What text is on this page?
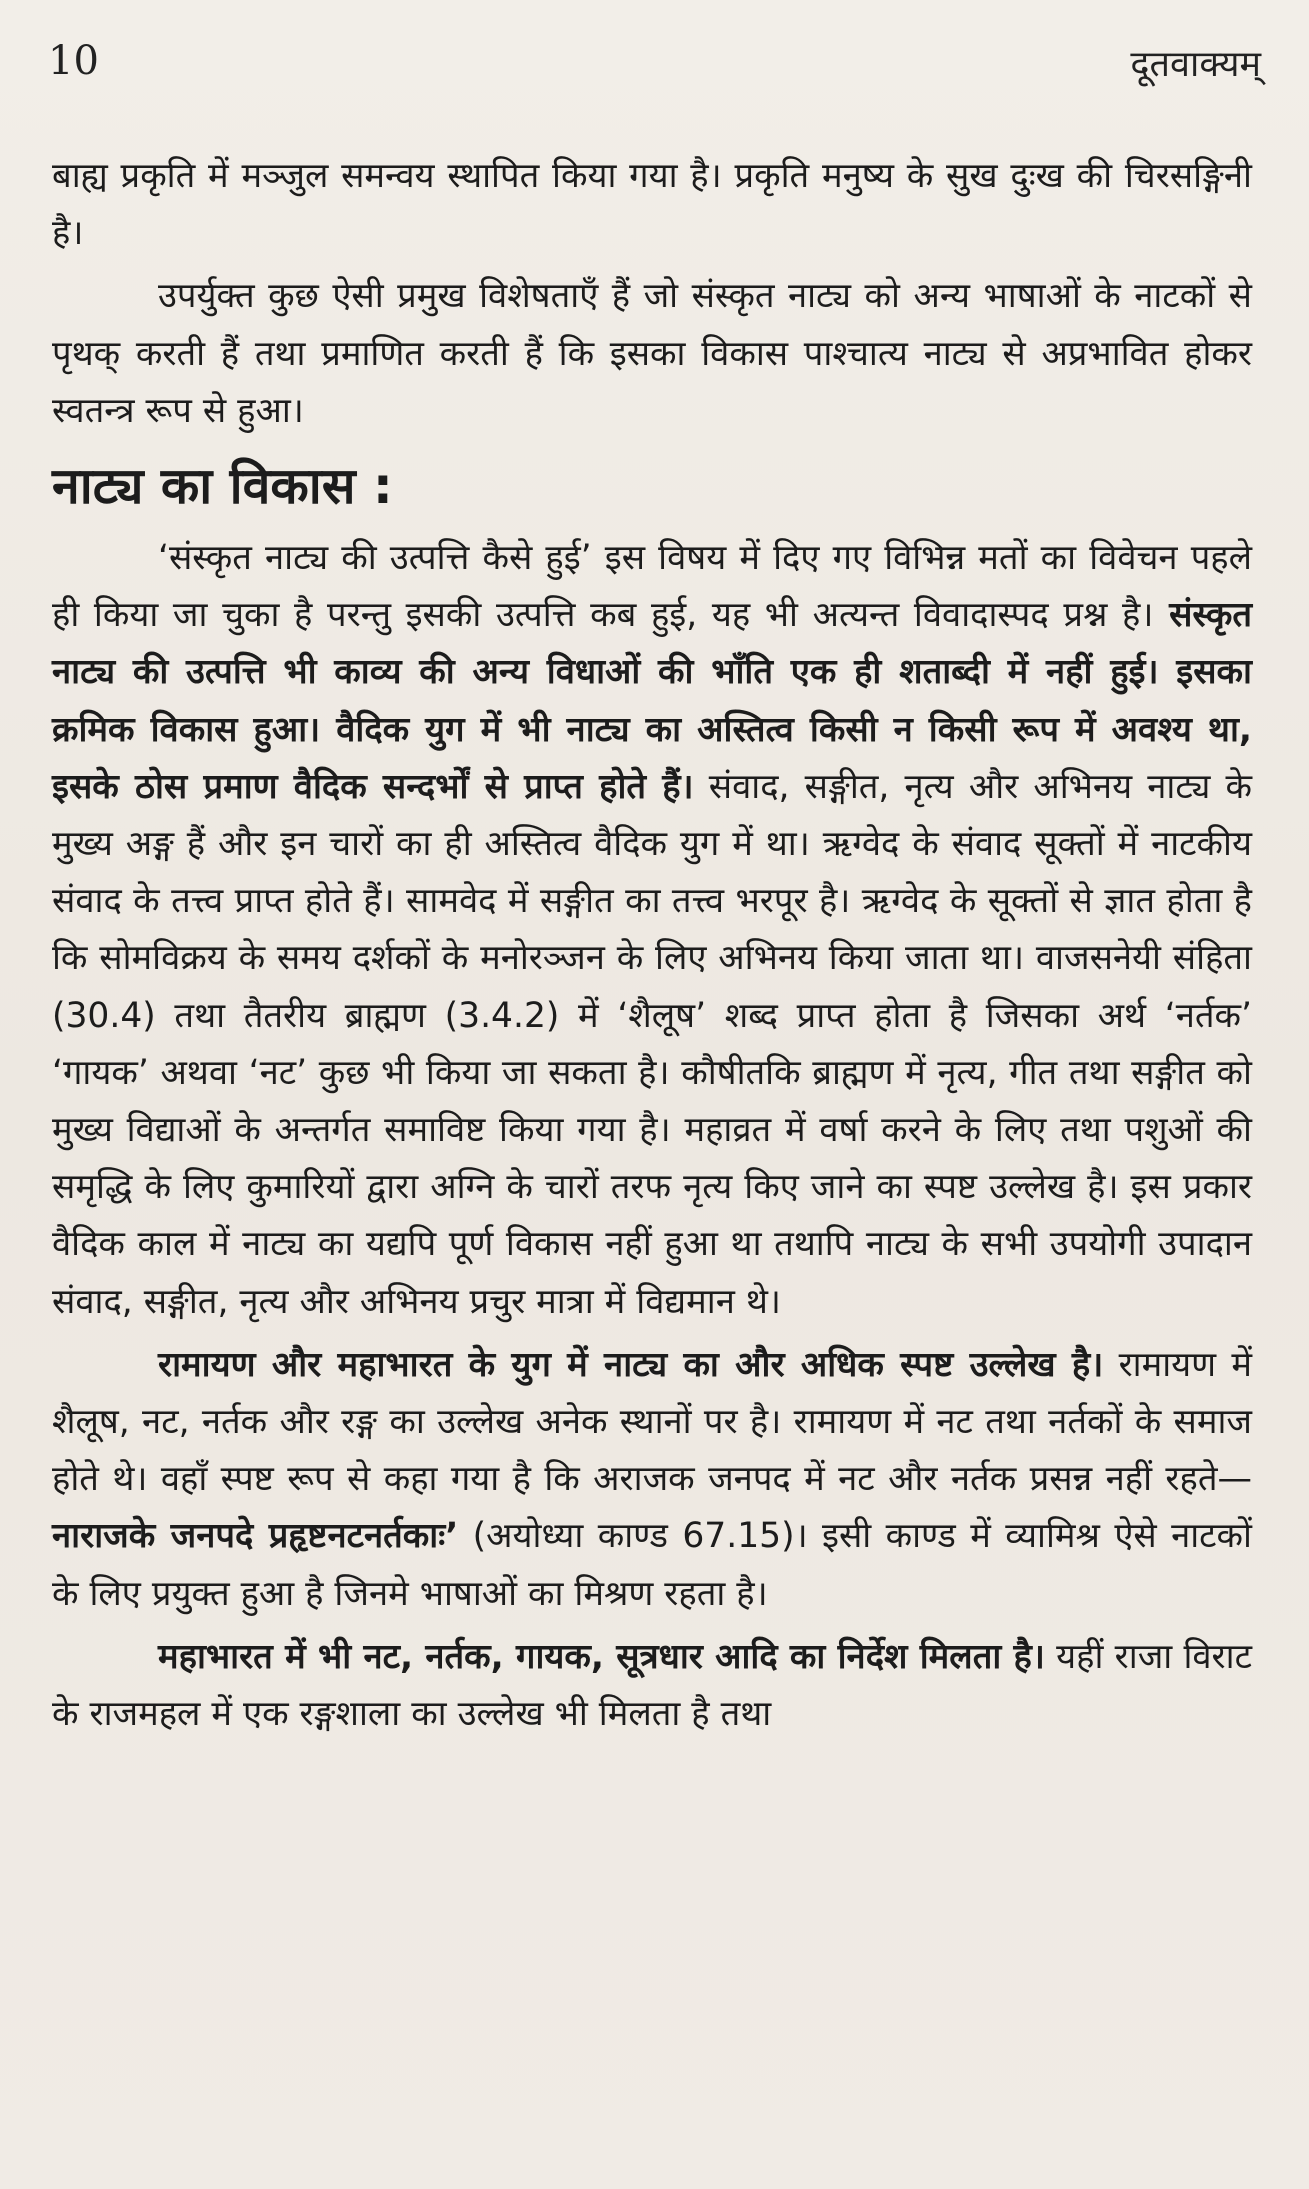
10	दूतवाक्यम्

बाह्य प्रकृति में मञ्जुल समन्वय स्थापित किया गया है। प्रकृति मनुष्य के सुख दुःख की चिरसङ्गिनी है।

उपर्युक्त कुछ ऐसी प्रमुख विशेषताएँ हैं जो संस्कृत नाट्य को अन्य भाषाओं के नाटकों से पृथक् करती हैं तथा प्रमाणित करती हैं कि इसका विकास पाश्चात्य नाट्य से अप्रभावित होकर स्वतन्त्र रूप से हुआ।

नाट्य का विकास :

‘संस्कृत नाट्य की उत्पत्ति कैसे हुई’ इस विषय में दिए गए विभिन्न मतों का विवेचन पहले ही किया जा चुका है परन्तु इसकी उत्पत्ति कब हुई, यह भी अत्यन्त विवादास्पद प्रश्न है। संस्कृत नाट्य की उत्पत्ति भी काव्य की अन्य विधाओं की भाँति एक ही शताब्दी में नहीं हुई। इसका क्रमिक विकास हुआ। वैदिक युग में भी नाट्य का अस्तित्व किसी न किसी रूप में अवश्य था, इसके ठोस प्रमाण वैदिक सन्दर्भों से प्राप्त होते हैं। संवाद, सङ्गीत, नृत्य और अभिनय नाट्य के मुख्य अङ्ग हैं और इन चारों का ही अस्तित्व वैदिक युग में था। ऋग्वेद के संवाद सूक्तों में नाटकीय संवाद के तत्त्व प्राप्त होते हैं। सामवेद में सङ्गीत का तत्त्व भरपूर है। ऋग्वेद के सूक्तों से ज्ञात होता है कि सोमविक्रय के समय दर्शकों के मनोरञ्जन के लिए अभिनय किया जाता था। वाजसनेयी संहिता (30.4) तथा तैतरीय ब्राह्मण (3.4.2) में ‘शैलूष’ शब्द प्राप्त होता है जिसका अर्थ ‘नर्तक’ ‘गायक’ अथवा ‘नट’ कुछ भी किया जा सकता है। कौषीतकि ब्राह्मण में नृत्य, गीत तथा सङ्गीत को मुख्य विद्याओं के अन्तर्गत समाविष्ट किया गया है। महाव्रत में वर्षा करने के लिए तथा पशुओं की समृद्धि के लिए कुमारियों द्वारा अग्नि के चारों तरफ नृत्य किए जाने का स्पष्ट उल्लेख है। इस प्रकार वैदिक काल में नाट्य का यद्यपि पूर्ण विकास नहीं हुआ था तथापि नाट्य के सभी उपयोगी उपादान संवाद, सङ्गीत, नृत्य और अभिनय प्रचुर मात्रा में विद्यमान थे।

रामायण और महाभारत के युग में नाट्य का और अधिक स्पष्ट उल्लेख है। रामायण में शैलूष, नट, नर्तक और रङ्ग का उल्लेख अनेक स्थानों पर है। रामायण में नट तथा नर्तकों के समाज होते थे। वहाँ स्पष्ट रूप से कहा गया है कि अराजक जनपद में नट और नर्तक प्रसन्न नहीं रहते— नाराजके जनपदे प्रहृष्टनटनर्तकाः’ (अयोध्या काण्ड 67.15)। इसी काण्ड में व्यामिश्र ऐसे नाटकों के लिए प्रयुक्त हुआ है जिनमे भाषाओं का मिश्रण रहता है।

महाभारत में भी नट, नर्तक, गायक, सूत्रधार आदि का निर्देश मिलता है। यहीं राजा विराट के राजमहल में एक रङ्गशाला का उल्लेख भी मिलता है तथा
